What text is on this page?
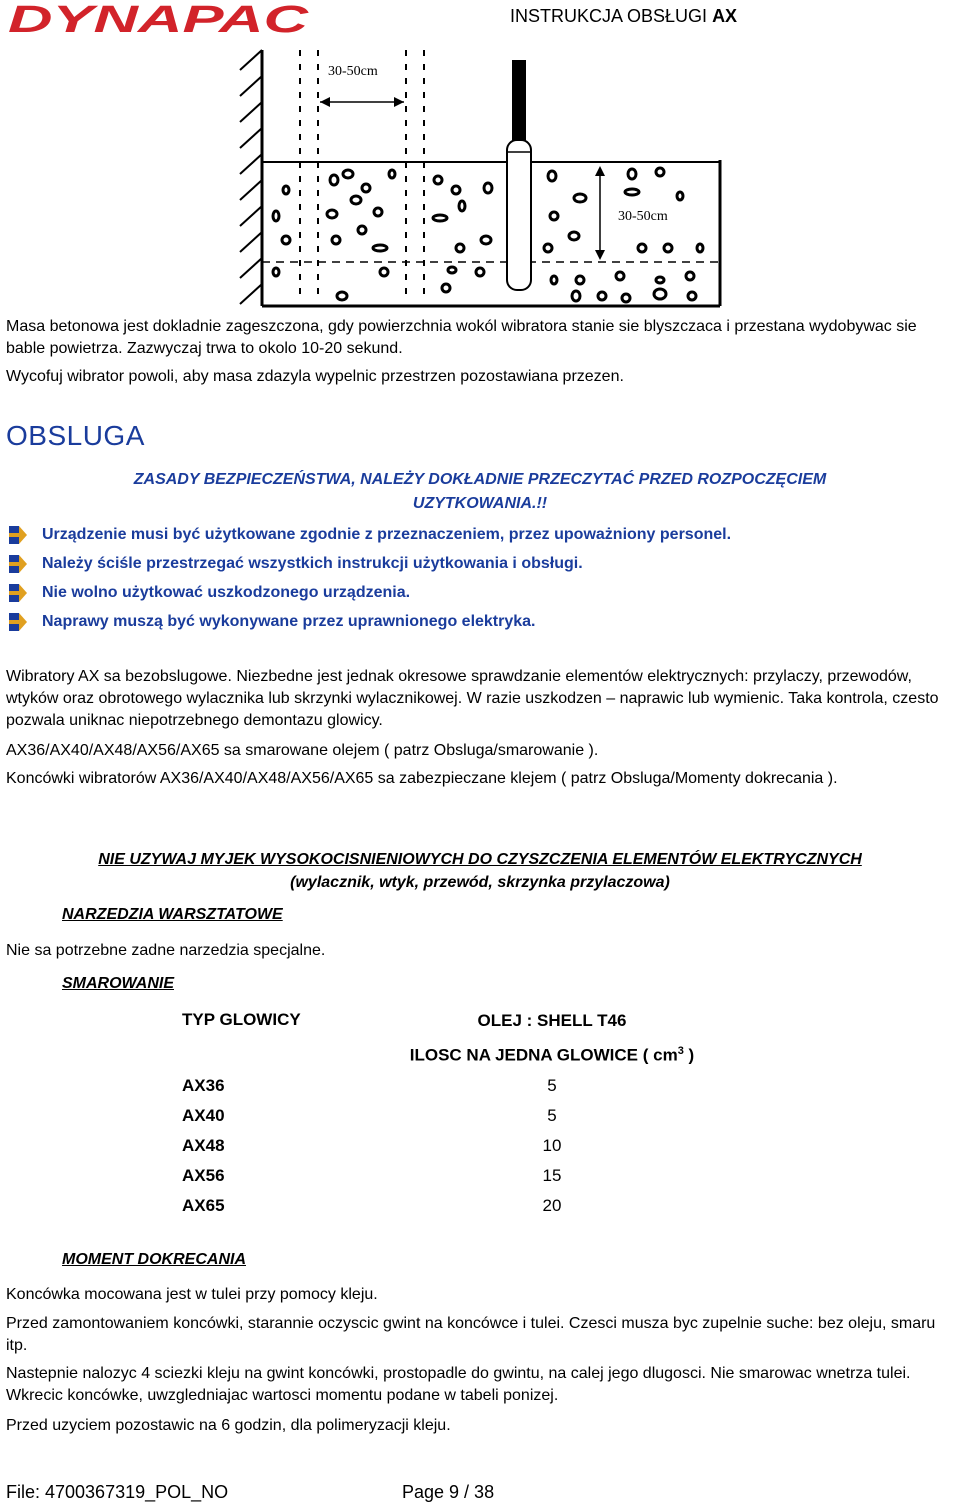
DYNAPAC	INSTRUKCJA OBSŁUGI AX
30-50cm
30-50cm
Masa betonowa jest dokladnie zageszczona, gdy powierzchnia wokól wibratora stanie sie blyszczaca i przestana wydobywac sie bable powietrza. Zazwyczaj trwa to okolo 10-20 sekund.
Wycofuj wibrator powoli, aby masa zdazyla wypelnic przestrzen pozostawiana przezen.
OBSLUGA
ZASADY BEZPIECZEŃSTWA, NALEŻY DOKŁADNIE PRZECZYTAĆ PRZED ROZPOCZĘCIEM UZYTKOWANIA.!!
Urządzenie musi być użytkowane zgodnie z przeznaczeniem, przez upoważniony personel.
Należy ściśle przestrzegać wszystkich instrukcji użytkowania i obsługi.
Nie wolno użytkować uszkodzonego urządzenia.
Naprawy muszą być wykonywane przez uprawnionego elektryka.
Wibratory AX sa bezobslugowe. Niezbedne jest jednak okresowe sprawdzanie elementów elektrycznych: przylaczy, przewodów, wtyków oraz obrotowego wylacznika lub skrzynki wylacznikowej. W razie uszkodzen – naprawic lub wymienic. Taka kontrola, czesto pozwala uniknac niepotrzebnego demontazu glowicy.
AX36/AX40/AX48/AX56/AX65 sa smarowane olejem ( patrz Obsluga/smarowanie ).
Koncówki wibratorów AX36/AX40/AX48/AX56/AX65 sa zabezpieczane klejem ( patrz Obsluga/Momenty dokrecania ).
NIE UZYWAJ MYJEK WYSOKOCISNIENIOWYCH DO CZYSZCZENIA ELEMENTÓW ELEKTRYCZNYCH
(wylacznik, wtyk, przewód, skrzynka przylaczowa)
NARZEDZIA WARSZTATOWE
Nie sa potrzebne zadne narzedzia specjalne.
SMAROWANIE
TYP GLOWICY	OLEJ : SHELL T46
ILOSC NA JEDNA GLOWICE ( $cm^3$ )

AX36	5
AX40	5
AX48	10
AX56	15
AX65	20
MOMENT DOKRECANIA
Koncówka mocowana jest w tulei przy pomocy kleju.
Przed zamontowaniem koncówki, starannie oczyscic gwint na koncówce i tulei. Czesci musza byc zupelnie suche: bez oleju, smaru itp.
Nastepnie nalozyc 4 sciezki kleju na gwint koncówki, prostopadle do gwintu, na calej jego dlugosci. Nie smarowac wnetrza tulei. Wkrecic koncówke, uwzgledniajac wartosci momentu podane w tabeli ponizej.
Przed uzyciem pozostawic na 6 godzin, dla polimeryzacji kleju.
File: 4700367319_POL_NO	Page 9 / 38
